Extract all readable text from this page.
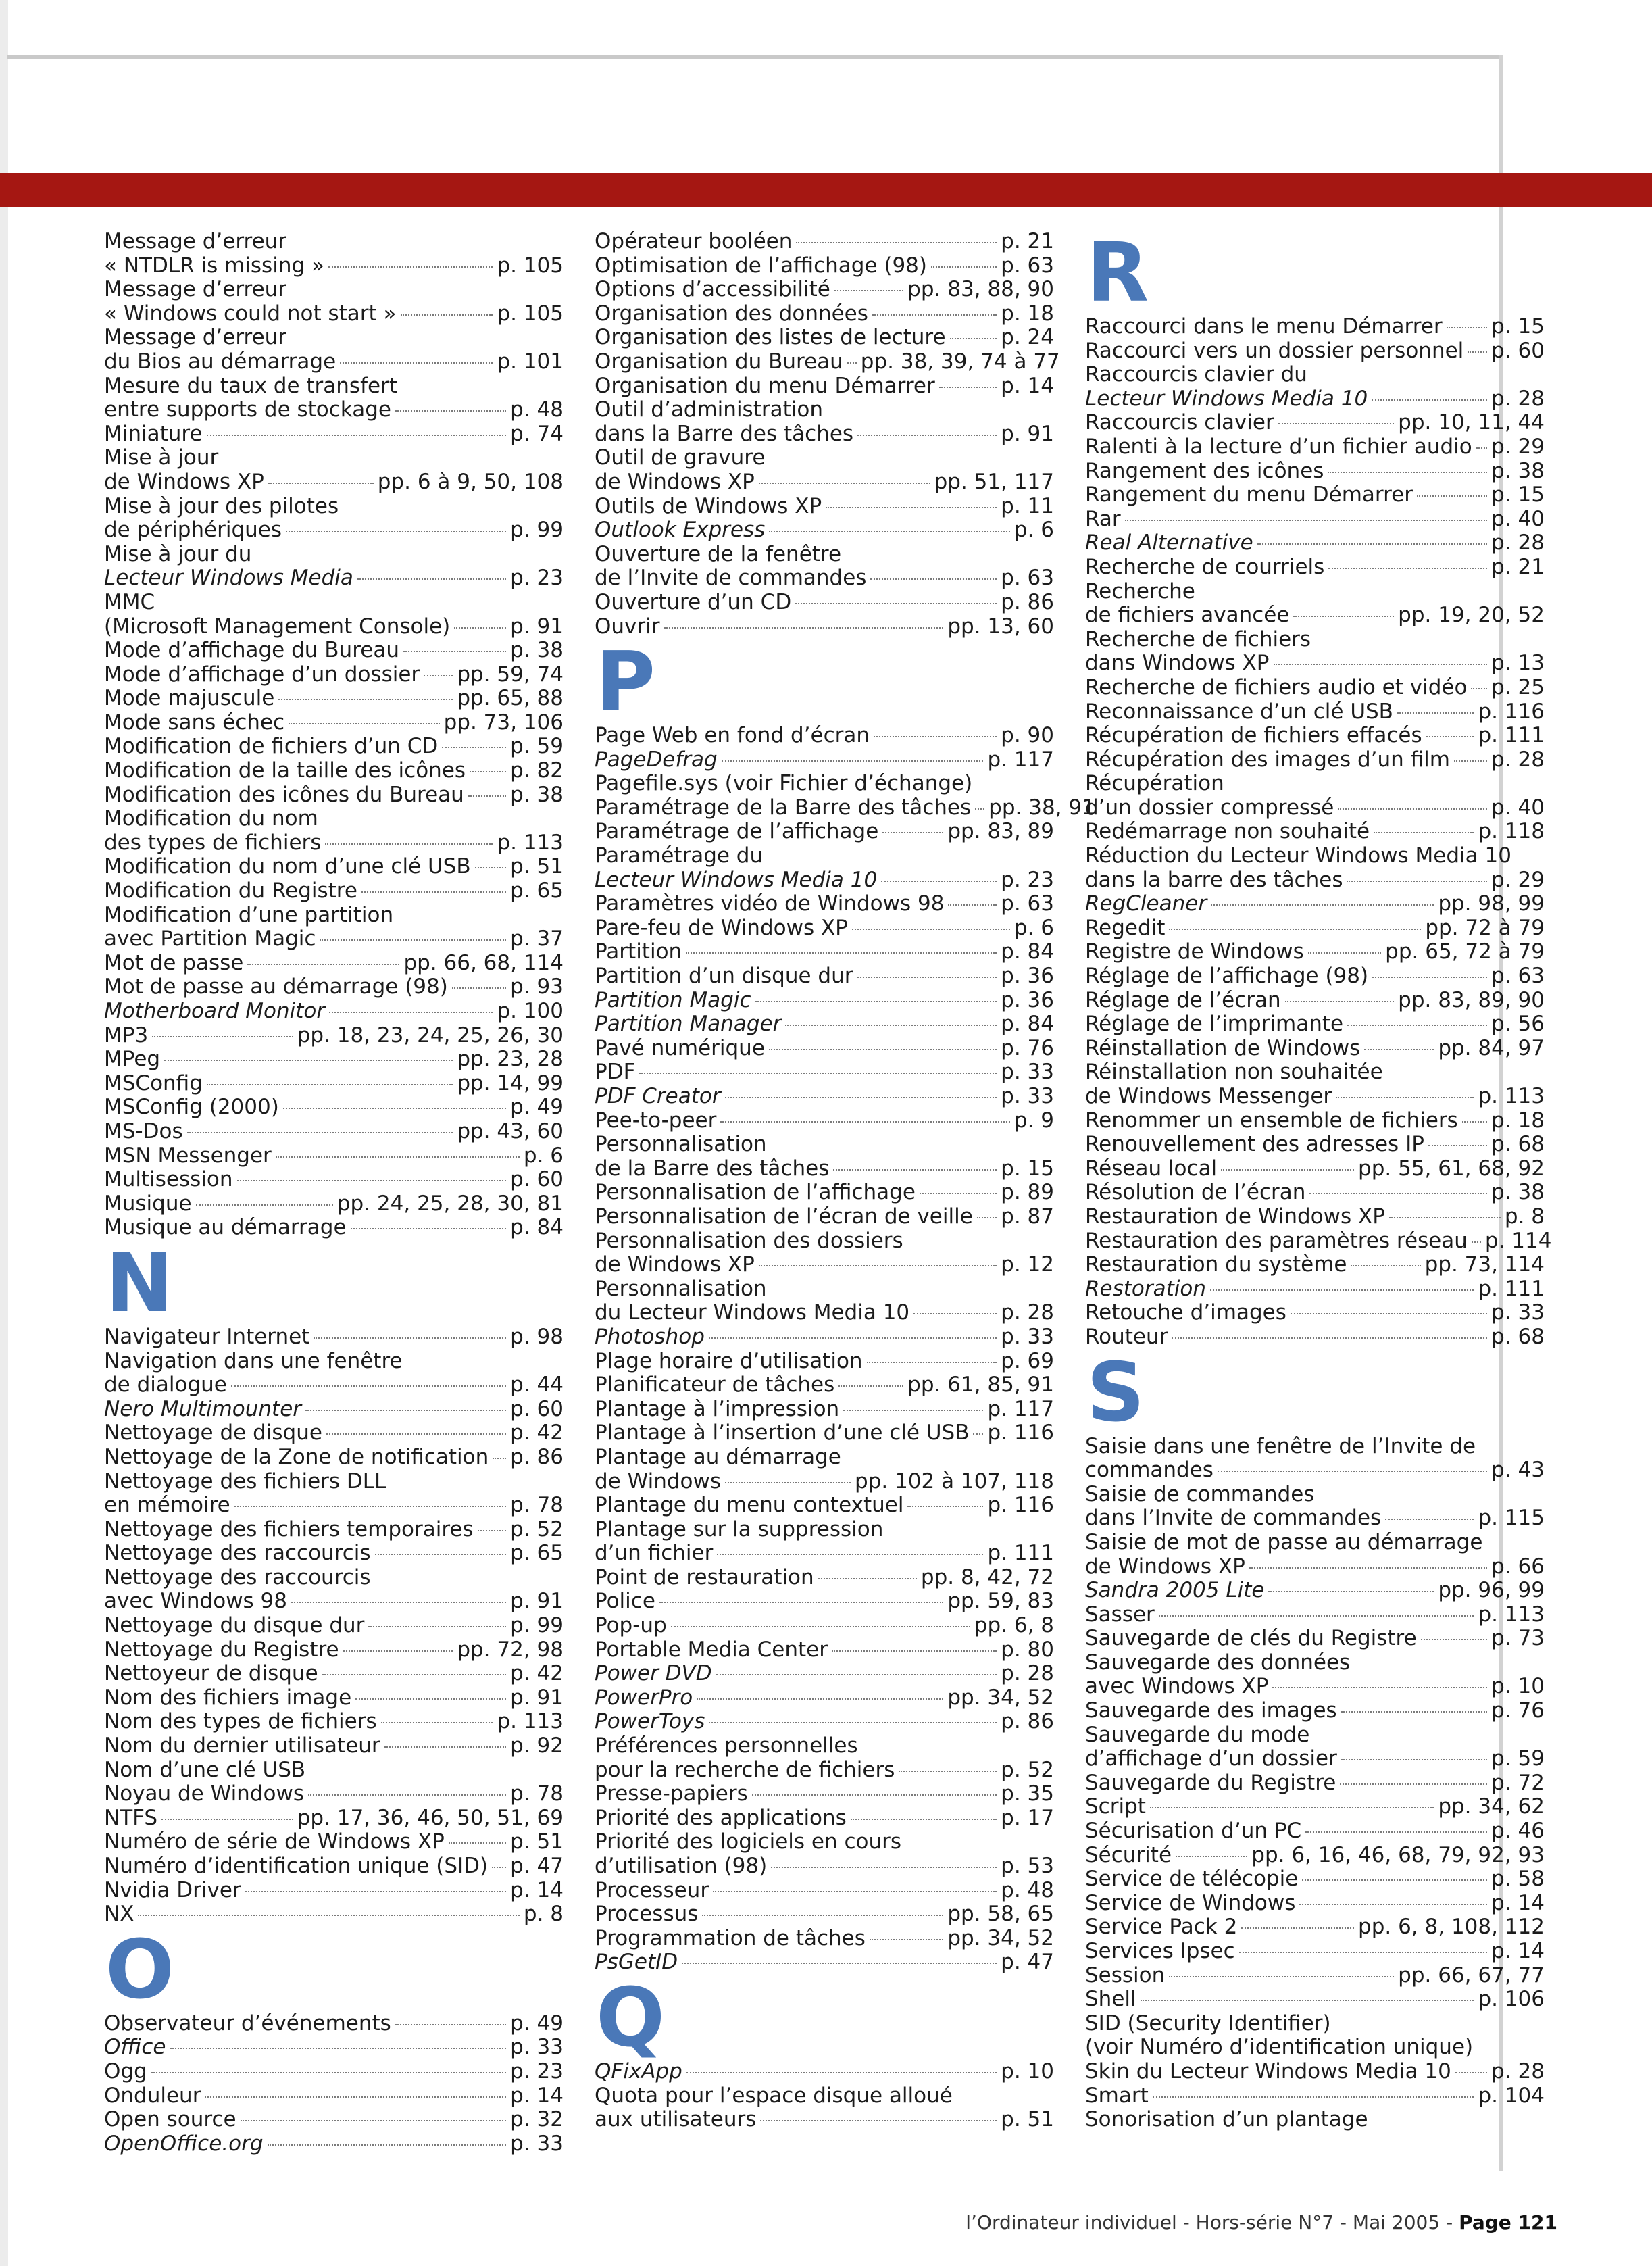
Message d’erreur
« NTDLR is missing »	p. 105
Message d’erreur
« Windows could not start »	p. 105
Message d’erreur
du Bios au démarrage	p. 101
Mesure du taux de transfert
entre supports de stockage	p. 48
Miniature	p. 74
Mise à jour
de Windows XP	pp. 6 à 9, 50, 108
Mise à jour des pilotes
de périphériques	p. 99
Mise à jour du
Lecteur Windows Media	p. 23
MMC
(Microsoft Management Console)	p. 91
Mode d’affichage du Bureau	p. 38
Mode d’affichage d’un dossier pp. 59, 74
Mode majuscule	pp. 65, 88
Mode sans échec	pp. 73, 106
Modification de fichiers d’un CD	p. 59
Modification de la taille des icônes p. 82
Modification des icônes du Bureau p. 38
Modification du nom
des types de fichiers	p. 113
Modification du nom d’une clé USB p. 51
Modification du Registre	p. 65
Modification d’une partition
avec Partition Magic	p. 37
Mot de passe	pp. 66, 68, 114
Mot de passe au démarrage (98)	p. 93
Motherboard Monitor	p. 100
MP3	pp. 18, 23, 24, 25, 26, 30
MPeg	pp. 23, 28
MSConfig	pp. 14, 99
MSConfig (2000)	p. 49
MS-Dos	pp. 43, 60
MSN Messenger	p. 6
Multisession	p. 60
Musique	pp. 24, 25, 28, 30, 81
Musique au démarrage	p. 84
N
Navigateur Internet	p. 98
Navigation dans une fenêtre
de dialogue	p. 44
Nero Multimounter	p. 60
Nettoyage de disque	p. 42
Nettoyage de la Zone de notification p. 86
Nettoyage des fichiers DLL
en mémoire	p. 78
Nettoyage des fichiers temporaires p. 52
Nettoyage des raccourcis	p. 65
Nettoyage des raccourcis
avec Windows 98	p. 91
Nettoyage du disque dur	p. 99
Nettoyage du Registre	pp. 72, 98
Nettoyeur de disque	p. 42
Nom des fichiers image	p. 91
Nom des types de fichiers	p. 113
Nom du dernier utilisateur	p. 92
Nom d’une clé USB
Noyau de Windows	p. 78
NTFS	pp. 17, 36, 46, 50, 51, 69
Numéro de série de Windows XP	p. 51
Numéro d’identification unique (SID) p. 47
Nvidia Driver	p. 14
NX	p. 8
O
Observateur d’événements	p. 49
Office	p. 33
Ogg	p. 23
Onduleur	p. 14
Open source	p. 32
OpenOffice.org	p. 33
Opérateur booléen	p. 21
Optimisation de l’affichage (98)	p. 63
Options d’accessibilité	pp. 83, 88, 90
Organisation des données	p. 18
Organisation des listes de lecture	p. 24
Organisation du Bureau pp. 38, 39, 74 à 77
Organisation du menu Démarrer	p. 14
Outil d’administration
dans la Barre des tâches	p. 91
Outil de gravure
de Windows XP	pp. 51, 117
Outils de Windows XP	p. 11
Outlook Express	p. 6
Ouverture de la fenêtre
de l’Invite de commandes	p. 63
Ouverture d’un CD	p. 86
Ouvrir	pp. 13, 60
P
Page Web en fond d’écran	p. 90
PageDefrag	p. 117
Pagefile.sys (voir Fichier d’échange)
Paramétrage de la Barre des tâches pp. 38, 91
Paramétrage de l’affichage	pp. 83, 89
Paramétrage du
Lecteur Windows Media 10	p. 23
Paramètres vidéo de Windows 98	p. 63
Pare-feu de Windows XP	p. 6
Partition	p. 84
Partition d’un disque dur	p. 36
Partition Magic	p. 36
Partition Manager	p. 84
Pavé numérique	p. 76
PDF	p. 33
PDF Creator	p. 33
Pee-to-peer	p. 9
Personnalisation
de la Barre des tâches	p. 15
Personnalisation de l’affichage	p. 89
Personnalisation de l’écran de veille p. 87
Personnalisation des dossiers
de Windows XP	p. 12
Personnalisation
du Lecteur Windows Media 10	p. 28
Photoshop	p. 33
Plage horaire d’utilisation	p. 69
Planificateur de tâches	pp. 61, 85, 91
Plantage à l’impression	p. 117
Plantage à l’insertion d’une clé USB p. 116
Plantage au démarrage
de Windows	pp. 102 à 107, 118
Plantage du menu contextuel	p. 116
Plantage sur la suppression
d’un fichier	p. 111
Point de restauration	pp. 8, 42, 72
Police	pp. 59, 83
Pop-up	pp. 6, 8
Portable Media Center	p. 80
Power DVD	p. 28
PowerPro	pp. 34, 52
PowerToys	p. 86
Préférences personnelles
pour la recherche de fichiers	p. 52
Presse-papiers	p. 35
Priorité des applications	p. 17
Priorité des logiciels en cours
d’utilisation (98)	p. 53
Processeur	p. 48
Processus	pp. 58, 65
Programmation de tâches	pp. 34, 52
PsGetID	p. 47
Q
QFixApp	p. 10
Quota pour l’espace disque alloué
aux utilisateurs	p. 51
R
Raccourci dans le menu Démarrer p. 15
Raccourci vers un dossier personnel p. 60
Raccourcis clavier du
Lecteur Windows Media 10	p. 28
Raccourcis clavier	pp. 10, 11, 44
Ralenti à la lecture d’un fichier audio p. 29
Rangement des icônes	p. 38
Rangement du menu Démarrer	p. 15
Rar	p. 40
Real Alternative	p. 28
Recherche de courriels	p. 21
Recherche
de fichiers avancée	pp. 19, 20, 52
Recherche de fichiers
dans Windows XP	p. 13
Recherche de fichiers audio et vidéo p. 25
Reconnaissance d’un clé USB	p. 116
Récupération de fichiers effacés	p. 111
Récupération des images d’un film p. 28
Récupération
d’un dossier compressé	p. 40
Redémarrage non souhaité	p. 118
Réduction du Lecteur Windows Media 10
dans la barre des tâches	p. 29
RegCleaner	pp. 98, 99
Regedit	pp. 72 à 79
Registre de Windows	pp. 65, 72 à 79
Réglage de l’affichage (98)	p. 63
Réglage de l’écran	pp. 83, 89, 90
Réglage de l’imprimante	p. 56
Réinstallation de Windows	pp. 84, 97
Réinstallation non souhaitée
de Windows Messenger	p. 113
Renommer un ensemble de fichiers p. 18
Renouvellement des adresses IP	p. 68
Réseau local	pp. 55, 61, 68, 92
Résolution de l’écran	p. 38
Restauration de Windows XP	p. 8
Restauration des paramètres réseau p. 114
Restauration du système	pp. 73, 114
Restoration	p. 111
Retouche d’images	p. 33
Routeur	p. 68
S
Saisie dans une fenêtre de l’Invite de
commandes	p. 43
Saisie de commandes
dans l’Invite de commandes	p. 115
Saisie de mot de passe au démarrage
de Windows XP	p. 66
Sandra 2005 Lite	pp. 96, 99
Sasser	p. 113
Sauvegarde de clés du Registre	p. 73
Sauvegarde des données
avec Windows XP	p. 10
Sauvegarde des images	p. 76
Sauvegarde du mode
d’affichage d’un dossier	p. 59
Sauvegarde du Registre	p. 72
Script	pp. 34, 62
Sécurisation d’un PC	p. 46
Sécurité	pp. 6, 16, 46, 68, 79, 92, 93
Service de télécopie	p. 58
Service de Windows	p. 14
Service Pack 2	pp. 6, 8, 108, 112
Services Ipsec	p. 14
Session	pp. 66, 67, 77
Shell	p. 106
SID (Security Identifier)
(voir Numéro d’identification unique)
Skin du Lecteur Windows Media 10 p. 28
Smart	p. 104
Sonorisation d’un plantage
l’Ordinateur individuel - Hors-série N°7 - Mai 2005 - Page 121
